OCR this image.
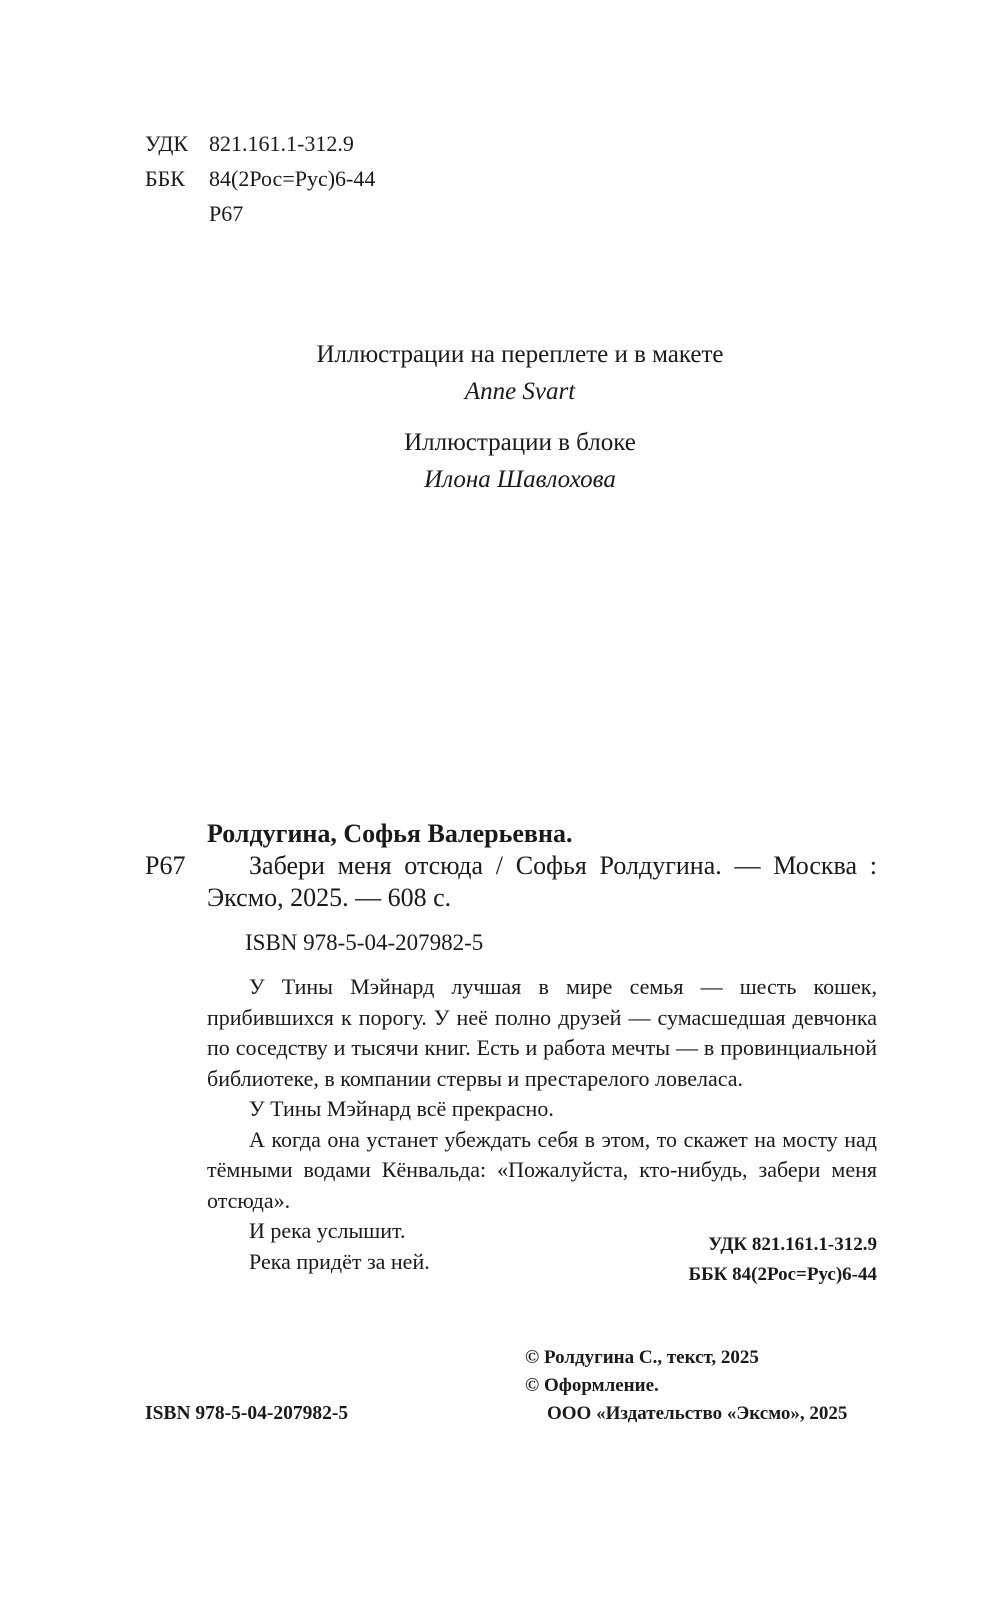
УДК 821.161.1-312.9
ББК 84(2Рос=Рус)6-44
Р67
Иллюстрации на переплете и в макете
Anne Svart
Иллюстрации в блоке
Илона Шавлохова

Ролдугина, Софья Валерьевна.

Р67 Забери меня отсюда / Софья Ролдугина. — Москва : Эксмо, 2025. — 608 с.

ISBN 978-5-04-207982-5

У Тины Мэйнард лучшая в мире семья — шесть кошек, прибившихся к порогу. У неё полно друзей — сумасшедшая девчонка по соседству и тысячи книг. Есть и работа мечты — в провинциальной библиотеке, в компании стервы и престарелого ловеласа.

У Тины Мэйнард всё прекрасно.

А когда она устанет убеждать себя в этом, то скажет на мосту над тёмными водами Кёнвальда: «Пожалуйста, кто-нибудь, забери меня отсюда».

И река услышит.

Река придёт за ней.

УДК 821.161.1-312.9
ББК 84(2Рос=Рус)6-44
© Ролдугина С., текст, 2025
© Оформление.
ООО «Издательство «Эксмо», 2025
ISBN 978-5-04-207982-5
